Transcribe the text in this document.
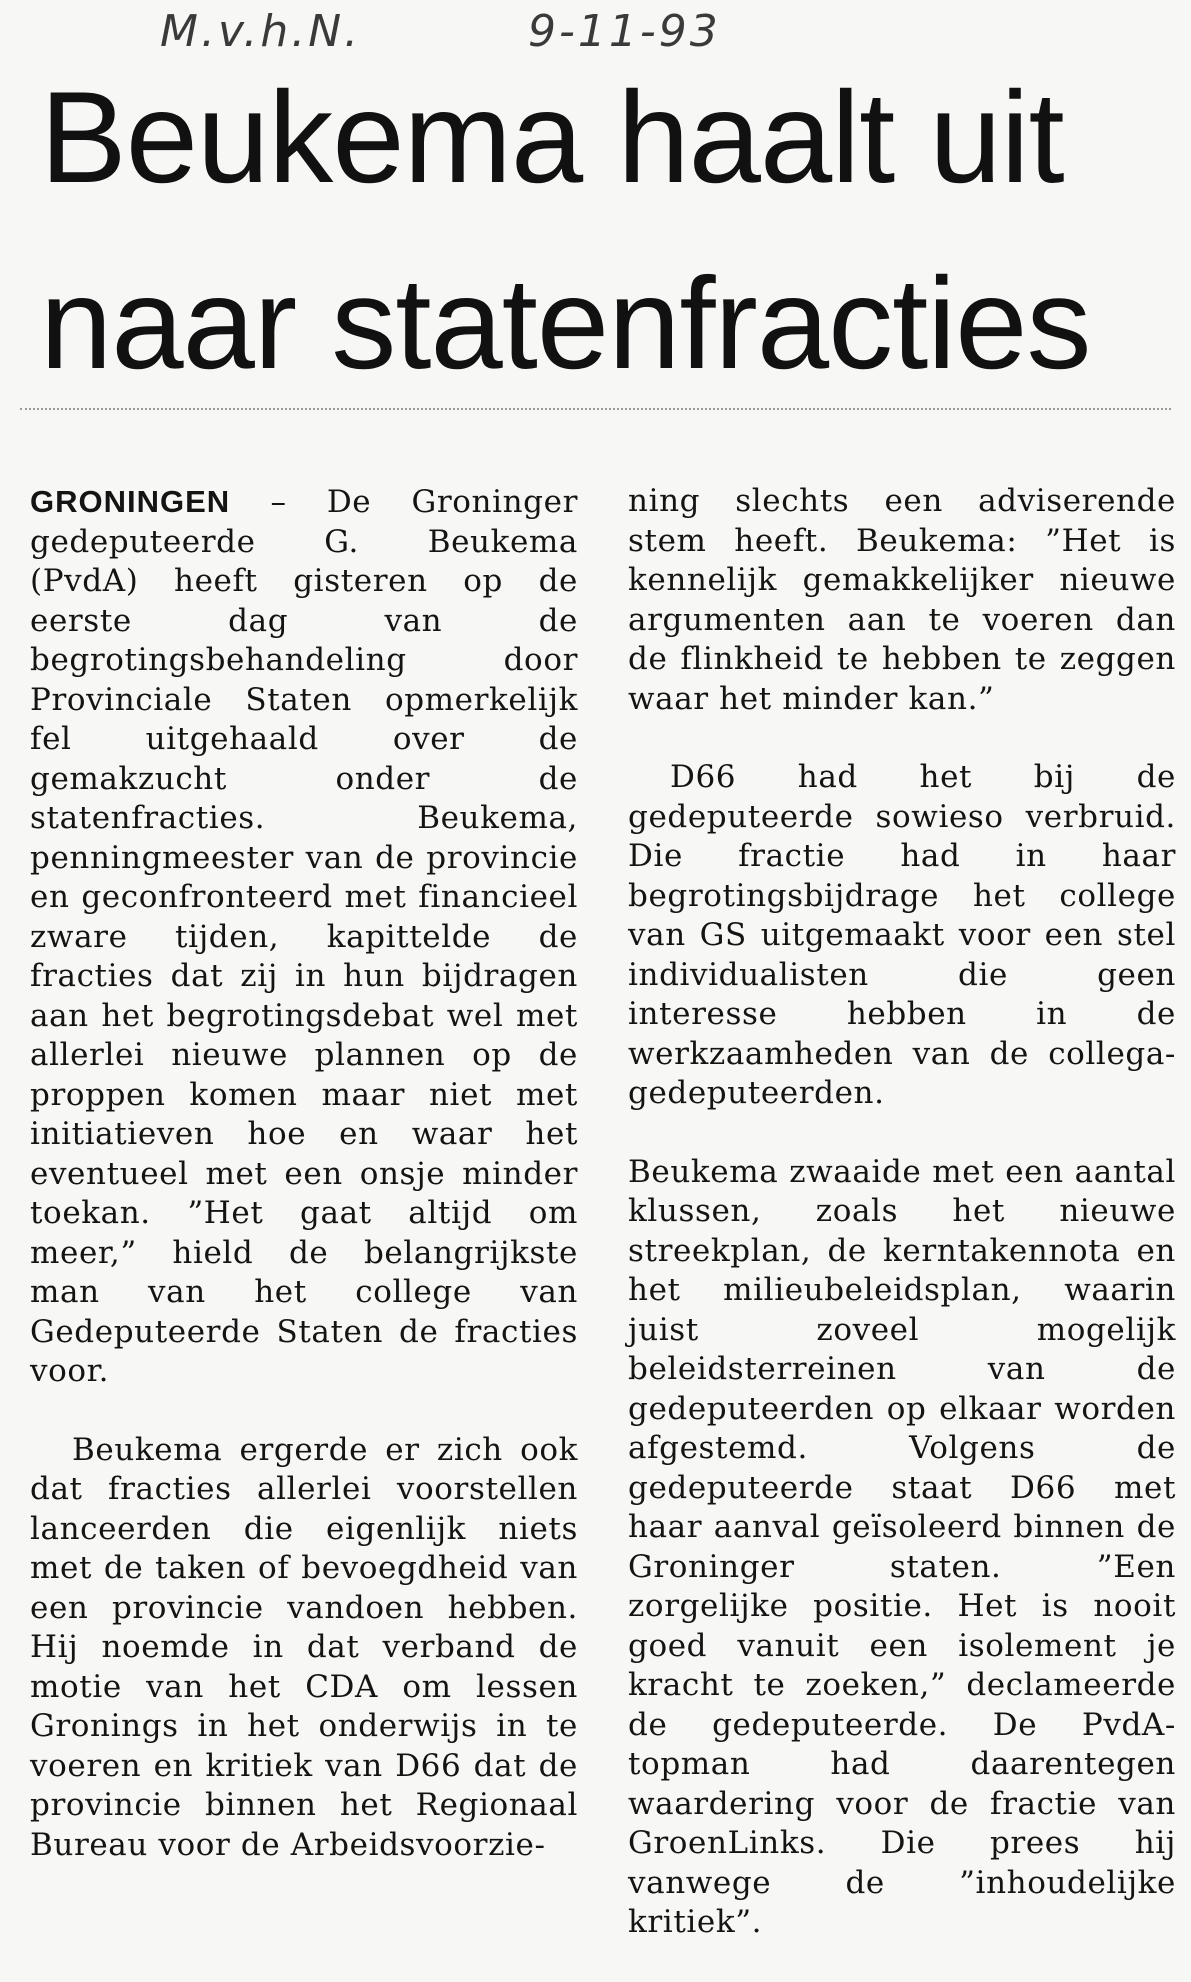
M.v.h.N.	9-11-93
Beukema haalt uit
naar statenfracties

GRONINGEN – De Groninger gedeputeerde G. Beukema (PvdA) heeft gisteren op de eerste dag van de begrotingsbehandeling door Provinciale Staten opmerkelijk fel uitgehaald over de gemakzucht onder de statenfracties. Beukema, penningmeester van de provincie en geconfronteerd met financieel zware tijden, kapittelde de fracties dat zij in hun bijdragen aan het begrotingsdebat wel met allerlei nieuwe plannen op de proppen komen maar niet met initiatieven hoe en waar het eventueel met een onsje minder toekan. ”Het gaat altijd om meer,” hield de belangrijkste man van het college van Gedeputeerde Staten de fracties voor.

Beukema ergerde er zich ook dat fracties allerlei voorstellen lanceerden die eigenlijk niets met de taken of bevoegdheid van een provincie vandoen hebben. Hij noemde in dat verband de motie van het CDA om lessen Gronings in het onderwijs in te voeren en kritiek van D66 dat de provincie binnen het Regionaal Bureau voor de Arbeidsvoorzie-

ning slechts een adviserende stem heeft. Beukema: ”Het is kennelijk gemakkelijker nieuwe argumenten aan te voeren dan de flinkheid te hebben te zeggen waar het minder kan.”

D66 had het bij de gedeputeerde sowieso verbruid. Die fractie had in haar begrotingsbijdrage het college van GS uitgemaakt voor een stel individualisten die geen interesse hebben in de werkzaamheden van de collega-gedeputeerden.

Beukema zwaaide met een aantal klussen, zoals het nieuwe streekplan, de kerntakennota en het milieubeleidsplan, waarin juist zoveel mogelijk beleidsterreinen van de gedeputeerden op elkaar worden afgestemd. Volgens de gedeputeerde staat D66 met haar aanval geïsoleerd binnen de Groninger staten. ”Een zorgelijke positie. Het is nooit goed vanuit een isolement je kracht te zoeken,” declameerde de gedeputeerde. De PvdA-topman had daarentegen waardering voor de fractie van GroenLinks. Die prees hij vanwege de ”inhoudelijke kritiek”.
